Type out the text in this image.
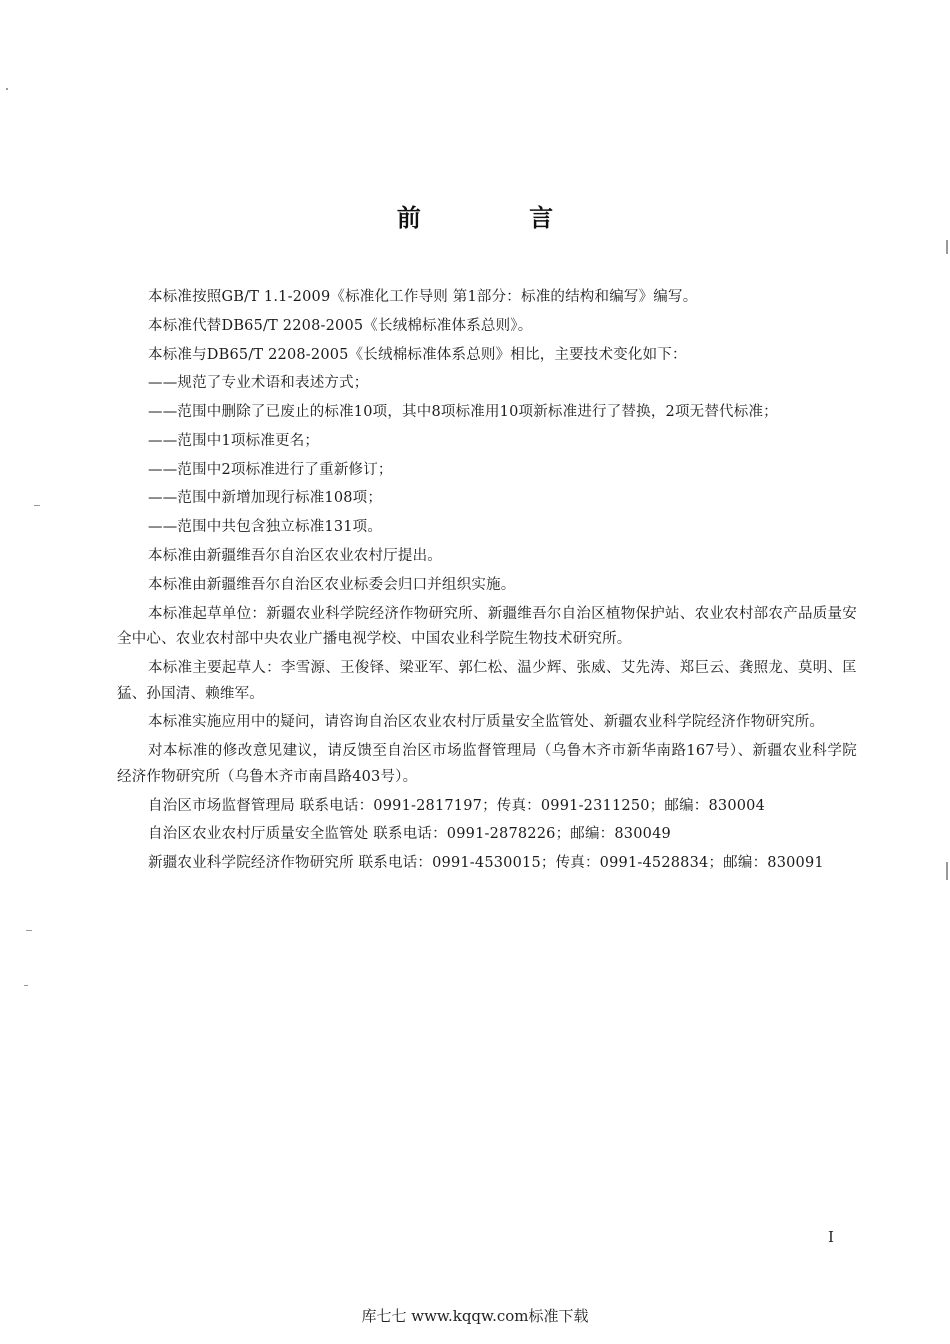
前 言

本标准按照GB/T 1.1-2009《标准化工作导则 第1部分：标准的结构和编写》编写。

本标准代替DB65/T 2208-2005《长绒棉标准体系总则》。

本标准与DB65/T 2208-2005《长绒棉标准体系总则》相比，主要技术变化如下：

——规范了专业术语和表述方式；

——范围中删除了已废止的标准10项，其中8项标准用10项新标准进行了替换，2项无替代标准；

——范围中1项标准更名；

——范围中2项标准进行了重新修订；

——范围中新增加现行标准108项；

——范围中共包含独立标准131项。

本标准由新疆维吾尔自治区农业农村厅提出。

本标准由新疆维吾尔自治区农业标委会归口并组织实施。

本标准起草单位：新疆农业科学院经济作物研究所、新疆维吾尔自治区植物保护站、农业农村部农产品质量安全中心、农业农村部中央农业广播电视学校、中国农业科学院生物技术研究所。

本标准主要起草人：李雪源、王俊铎、梁亚军、郭仁松、温少辉、张威、艾先涛、郑巨云、龚照龙、莫明、匡猛、孙国清、赖维军。

本标准实施应用中的疑问，请咨询自治区农业农村厅质量安全监管处、新疆农业科学院经济作物研究所。

对本标准的修改意见建议，请反馈至自治区市场监督管理局（乌鲁木齐市新华南路167号）、新疆农业科学院经济作物研究所（乌鲁木齐市南昌路403号）。

自治区市场监督管理局 联系电话：0991-2817197；传真：0991-2311250；邮编：830004

自治区农业农村厅质量安全监管处 联系电话：0991-2878226；邮编：830049

新疆农业科学院经济作物研究所 联系电话：0991-4530015；传真：0991-4528834；邮编：830091

I
库七七 www.kqqw.com标准下载
